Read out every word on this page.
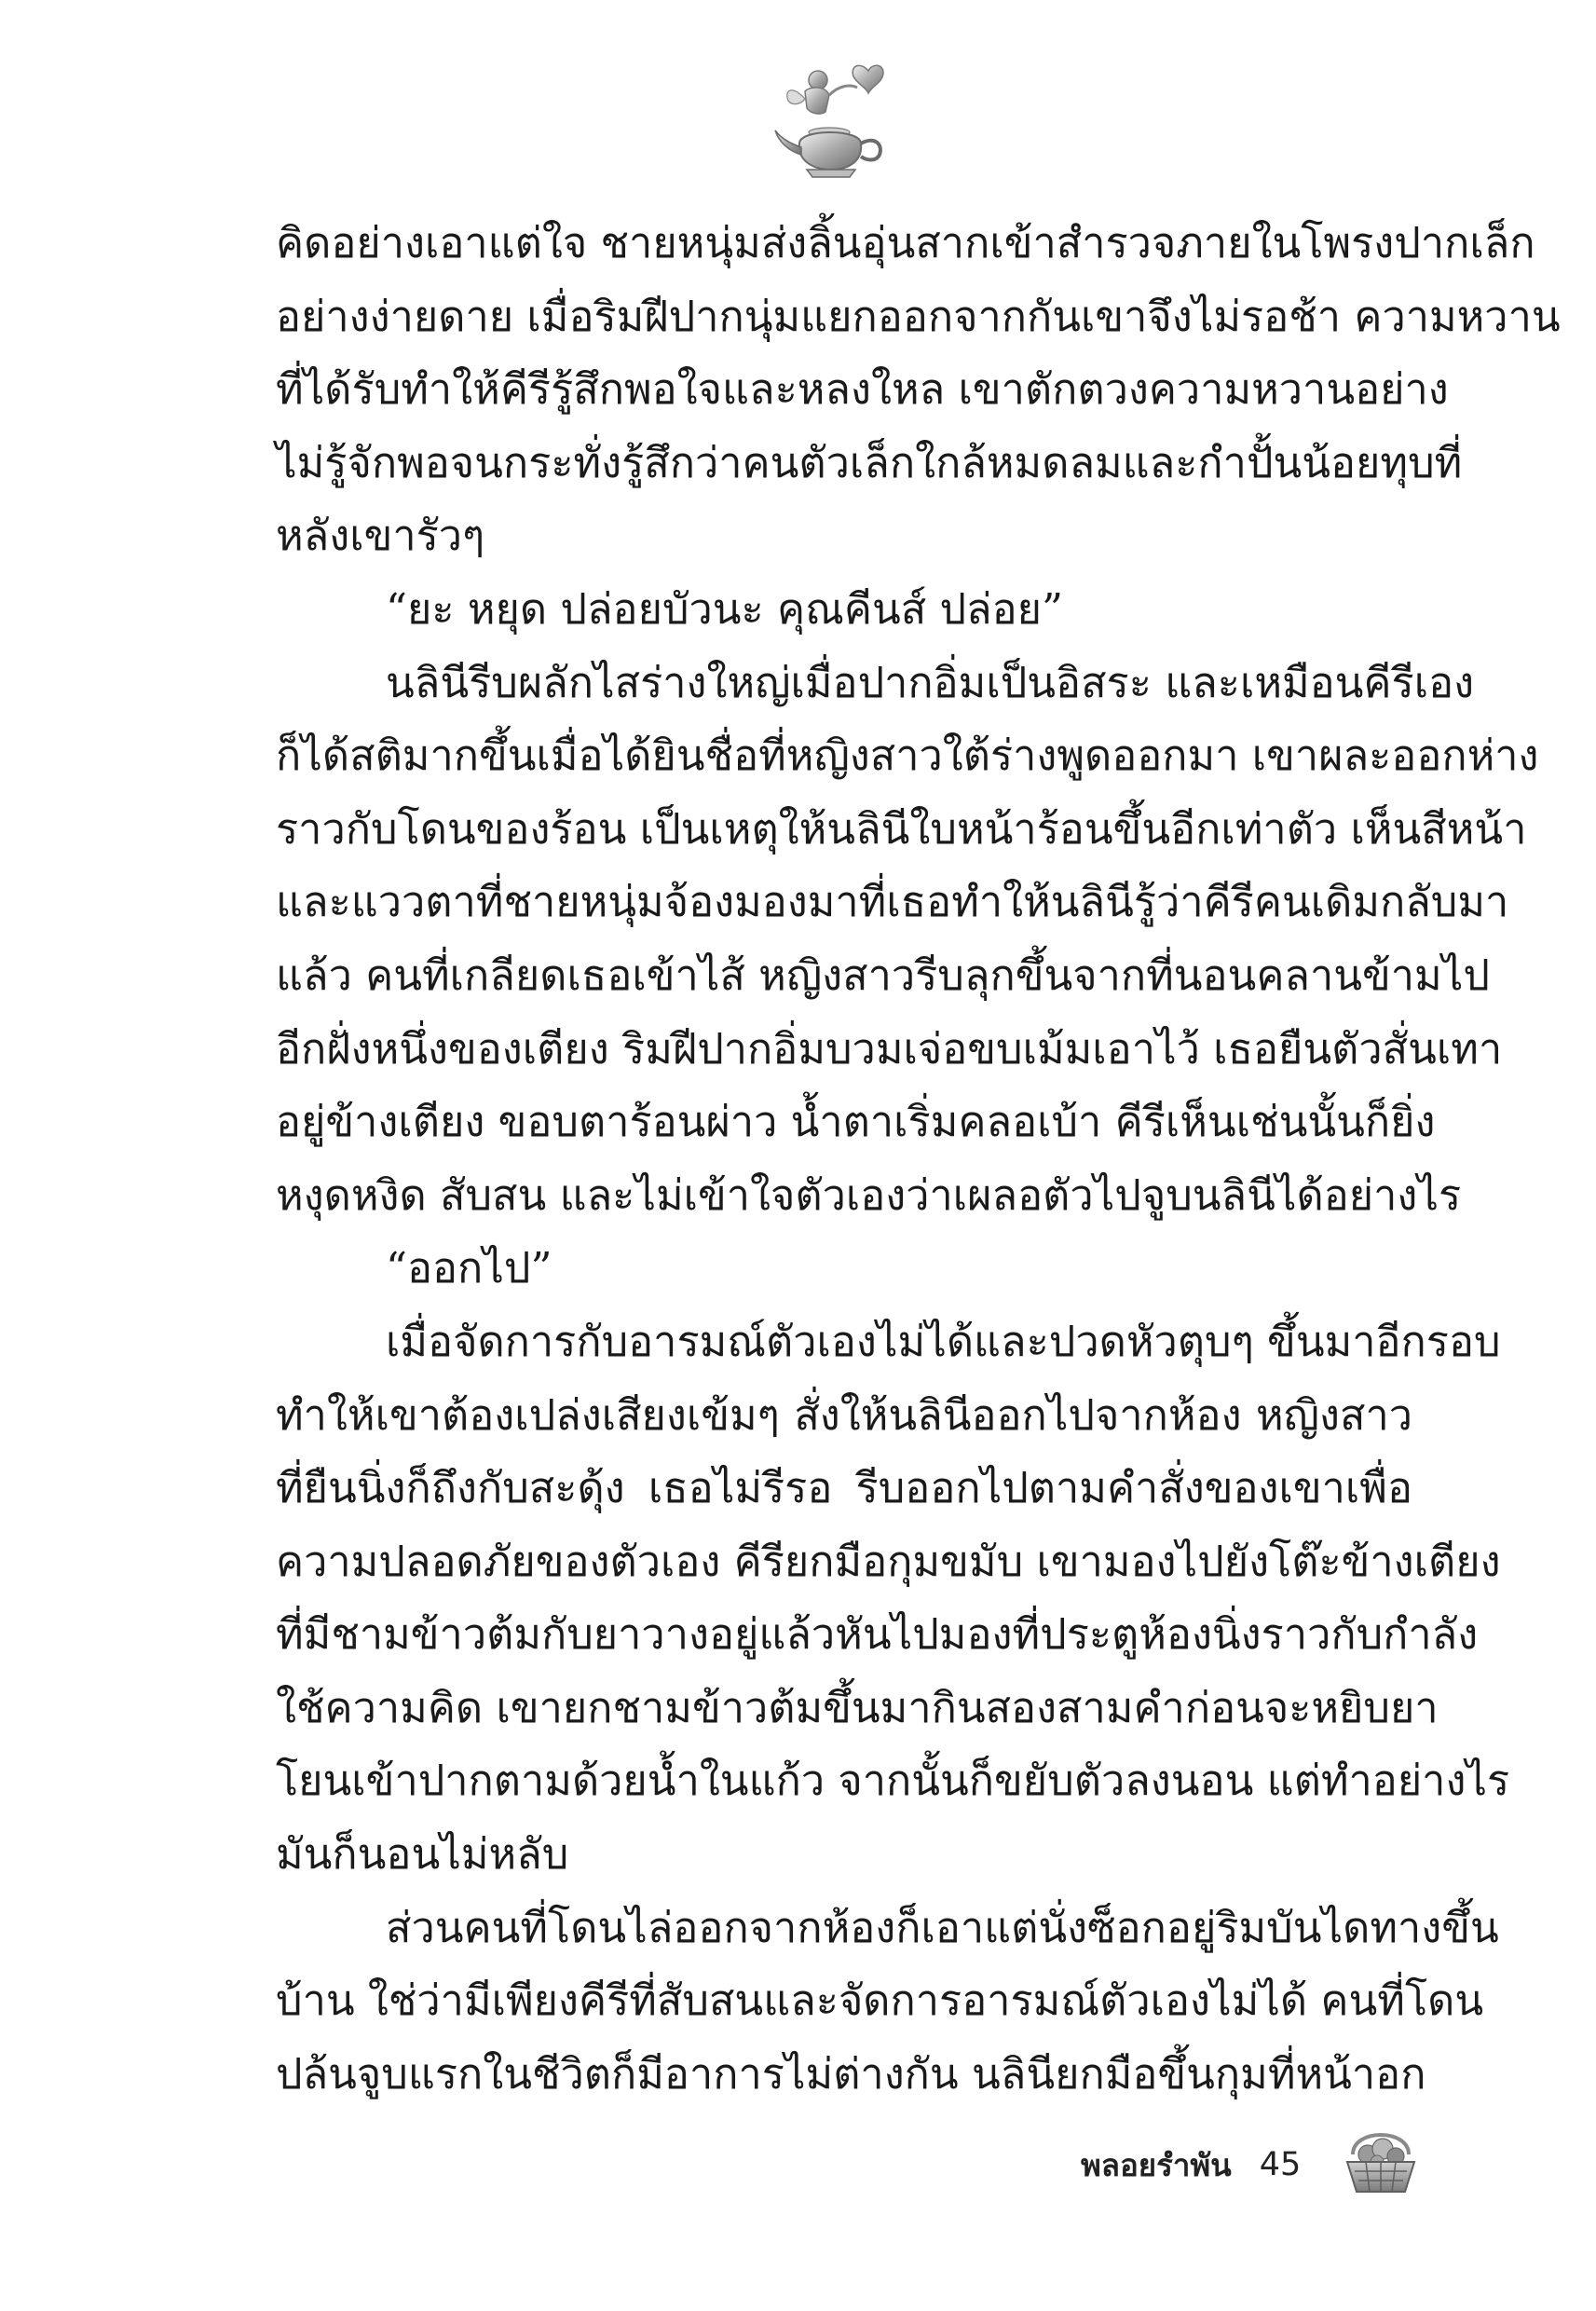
คิดอย่างเอาแต่ใจ ชายหนุ่มส่งลิ้นอุ่นสากเข้าสำรวจภายในโพรงปากเล็ก
อย่างง่ายดาย เมื่อริมฝีปากนุ่มแยกออกจากกันเขาจึงไม่รอช้า ความหวาน
ที่ได้รับทำให้คีรีรู้สึกพอใจและหลงใหล เขาตักตวงความหวานอย่าง
ไม่รู้จักพอจนกระทั่งรู้สึกว่าคนตัวเล็กใกล้หมดลมและกำปั้นน้อยทุบที่
หลังเขารัวๆ
“ยะ หยุด ปล่อยบัวนะ คุณคีนส์ ปล่อย”
นลินีรีบผลักไสร่างใหญ่เมื่อปากอิ่มเป็นอิสระ และเหมือนคีรีเอง
ก็ได้สติมากขึ้นเมื่อได้ยินชื่อที่หญิงสาวใต้ร่างพูดออกมา เขาผละออกห่าง
ราวกับโดนของร้อน เป็นเหตุให้นลินีใบหน้าร้อนขึ้นอีกเท่าตัว เห็นสีหน้า
และแววตาที่ชายหนุ่มจ้องมองมาที่เธอทำให้นลินีรู้ว่าคีรีคนเดิมกลับมา
แล้ว คนที่เกลียดเธอเข้าไส้ หญิงสาวรีบลุกขึ้นจากที่นอนคลานข้ามไป
อีกฝั่งหนึ่งของเตียง ริมฝีปากอิ่มบวมเจ่อขบเม้มเอาไว้ เธอยืนตัวสั่นเทา
อยู่ข้างเตียง ขอบตาร้อนผ่าว น้ำตาเริ่มคลอเบ้า คีรีเห็นเช่นนั้นก็ยิ่ง
หงุดหงิด สับสน และไม่เข้าใจตัวเองว่าเผลอตัวไปจูบนลินีได้อย่างไร
“ออกไป”
เมื่อจัดการกับอารมณ์ตัวเองไม่ได้และปวดหัวตุบๆ ขึ้นมาอีกรอบ
ทำให้เขาต้องเปล่งเสียงเข้มๆ สั่งให้นลินีออกไปจากห้อง หญิงสาว
ที่ยืนนิ่งก็ถึงกับสะดุ้ง เธอไม่รีรอ รีบออกไปตามคำสั่งของเขาเพื่อ
ความปลอดภัยของตัวเอง คีรียกมือกุมขมับ เขามองไปยังโต๊ะข้างเตียง
ที่มีชามข้าวต้มกับยาวางอยู่แล้วหันไปมองที่ประตูห้องนิ่งราวกับกำลัง
ใช้ความคิด เขายกชามข้าวต้มขึ้นมากินสองสามคำก่อนจะหยิบยา
โยนเข้าปากตามด้วยน้ำในแก้ว จากนั้นก็ขยับตัวลงนอน แต่ทำอย่างไร
มันก็นอนไม่หลับ
ส่วนคนที่โดนไล่ออกจากห้องก็เอาแต่นั่งซ็อกอยู่ริมบันไดทางขึ้น
บ้าน ใช่ว่ามีเพียงคีรีที่สับสนและจัดการอารมณ์ตัวเองไม่ได้ คนที่โดน
ปล้นจูบแรกในชีวิตก็มีอาการไม่ต่างกัน นลินียกมือขึ้นกุมที่หน้าอก
พลอยรำพัน 45
